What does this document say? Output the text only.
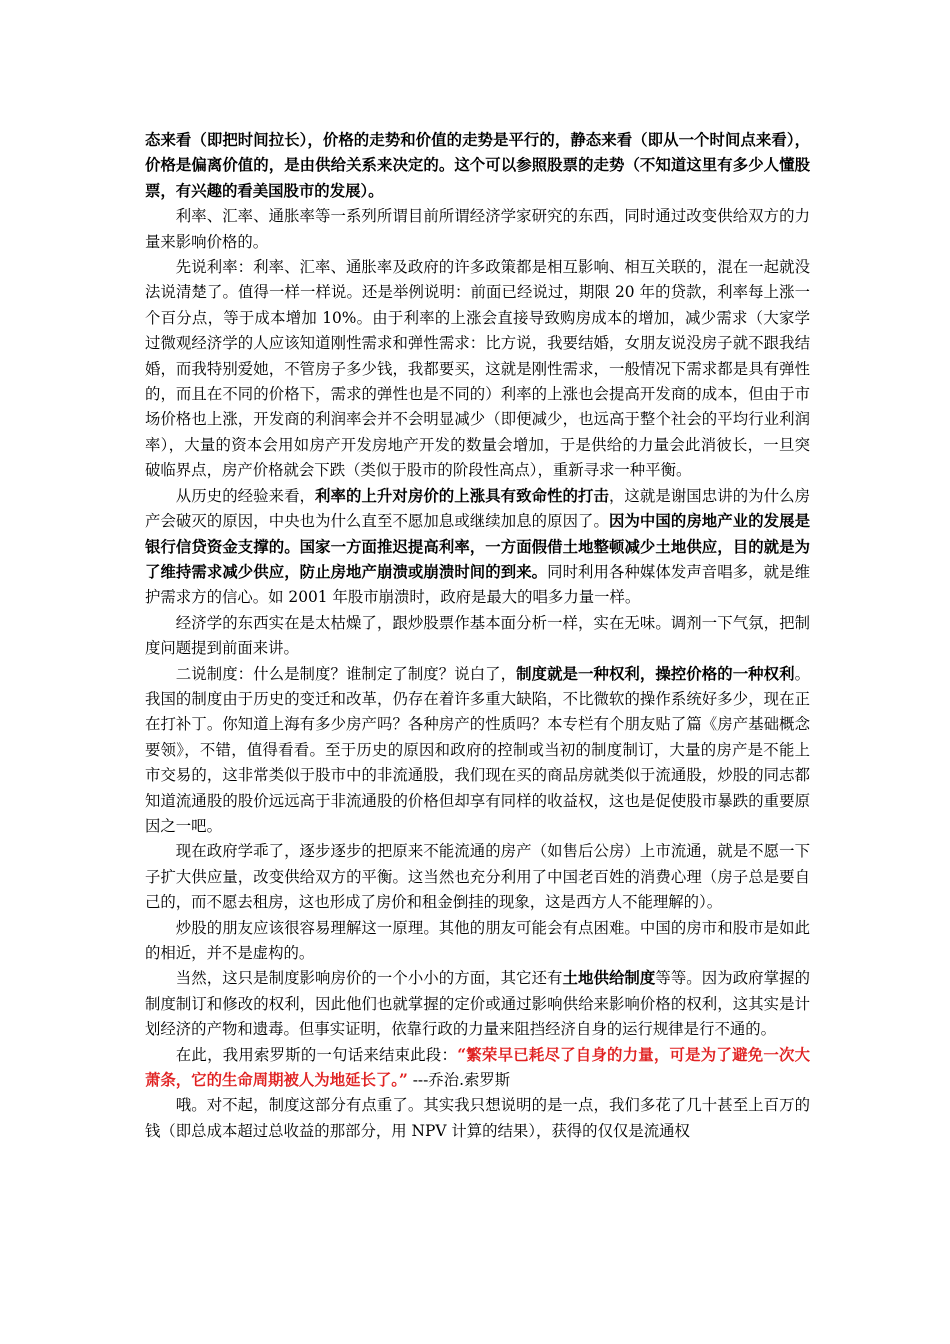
态来看（即把时间拉长），价格的走势和价值的走势是平行的，静态来看（即从一个时间点来看），价格是偏离价值的，是由供给关系来决定的。这个可以参照股票的走势（不知道这里有多少人懂股票，有兴趣的看美国股市的发展）。

利率、汇率、通胀率等一系列所谓目前所谓经济学家研究的东西，同时通过改变供给双方的力量来影响价格的。

先说利率：利率、汇率、通胀率及政府的许多政策都是相互影响、相互关联的，混在一起就没法说清楚了。值得一样一样说。还是举例说明：前面已经说过，期限 20 年的贷款，利率每上涨一个百分点，等于成本增加 10%。由于利率的上涨会直接导致购房成本的增加，减少需求（大家学过微观经济学的人应该知道刚性需求和弹性需求：比方说，我要结婚，女朋友说没房子就不跟我结婚，而我特别爱她，不管房子多少钱，我都要买，这就是刚性需求，一般情况下需求都是具有弹性的，而且在不同的价格下，需求的弹性也是不同的）利率的上涨也会提高开发商的成本，但由于市场价格也上涨，开发商的利润率会并不会明显减少（即便减少，也远高于整个社会的平均行业利润率），大量的资本会用如房产开发房地产开发的数量会增加，于是供给的力量会此消彼长，一旦突破临界点，房产价格就会下跌（类似于股市的阶段性高点），重新寻求一种平衡。

从历史的经验来看，利率的上升对房价的上涨具有致命性的打击，这就是谢国忠讲的为什么房产会破灭的原因，中央也为什么直至不愿加息或继续加息的原因了。因为中国的房地产业的发展是银行信贷资金支撑的。国家一方面推迟提高利率，一方面假借土地整顿减少土地供应，目的就是为了维持需求减少供应，防止房地产崩溃或崩溃时间的到来。同时利用各种媒体发声音唱多，就是维护需求方的信心。如 2001 年股市崩溃时，政府是最大的唱多力量一样。

经济学的东西实在是太枯燥了，跟炒股票作基本面分析一样，实在无味。调剂一下气氛，把制度问题提到前面来讲。

二说制度：什么是制度？谁制定了制度？说白了，制度就是一种权利，操控价格的一种权利。我国的制度由于历史的变迁和改革，仍存在着许多重大缺陷，不比微软的操作系统好多少，现在正在打补丁。你知道上海有多少房产吗？各种房产的性质吗？本专栏有个朋友贴了篇《房产基础概念要领》，不错，值得看看。至于历史的原因和政府的控制或当初的制度制订，大量的房产是不能上市交易的，这非常类似于股市中的非流通股，我们现在买的商品房就类似于流通股，炒股的同志都知道流通股的股价远远高于非流通股的价格但却享有同样的收益权，这也是促使股市暴跌的重要原因之一吧。

现在政府学乖了，逐步逐步的把原来不能流通的房产（如售后公房）上市流通，就是不愿一下子扩大供应量，改变供给双方的平衡。这当然也充分利用了中国老百姓的消费心理（房子总是要自己的，而不愿去租房，这也形成了房价和租金倒挂的现象，这是西方人不能理解的）。

炒股的朋友应该很容易理解这一原理。其他的朋友可能会有点困难。中国的房市和股市是如此的相近，并不是虚构的。

当然，这只是制度影响房价的一个小小的方面，其它还有土地供给制度等等。因为政府掌握的制度制订和修改的权利，因此他们也就掌握的定价或通过影响供给来影响价格的权利，这其实是计划经济的产物和遗毒。但事实证明，依靠行政的力量来阻挡经济自身的运行规律是行不通的。

在此，我用索罗斯的一句话来结束此段：“繁荣早已耗尽了自身的力量，可是为了避免一次大萧条，它的生命周期被人为地延长了。” ---乔治.索罗斯

哦。对不起，制度这部分有点重了。其实我只想说明的是一点，我们多花了几十甚至上百万的钱（即总成本超过总收益的那部分，用 NPV 计算的结果），获得的仅仅是流通权
